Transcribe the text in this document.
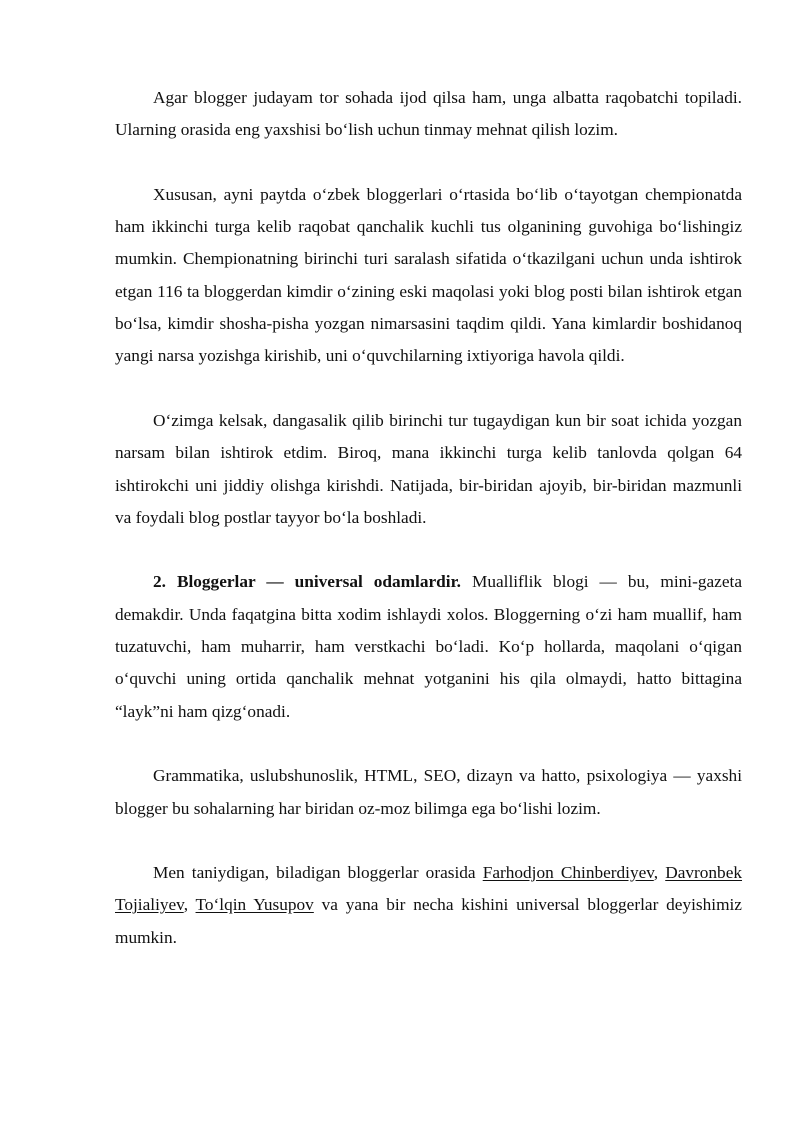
Agar blogger judayam tor sohada ijod qilsa ham, unga albatta raqobatchi topiladi. Ularning orasida eng yaxshisi bo‘lish uchun tinmay mehnat qilish lozim.

Xususan, ayni paytda o‘zbek bloggerlari o‘rtasida bo‘lib o‘tayotgan chempionatda ham ikkinchi turga kelib raqobat qanchalik kuchli tus olganining guvohiga bo‘lishingiz mumkin. Chempionatning birinchi turi saralash sifatida o‘tkazilgani uchun unda ishtirok etgan 116 ta bloggerdan kimdir o‘zining eski maqolasi yoki blog posti bilan ishtirok etgan bo‘lsa, kimdir shosha-pisha yozgan nimarsasini taqdim qildi. Yana kimlardir boshidanoq yangi narsa yozishga kirishib, uni o‘quvchilarning ixtiyoriga havola qildi.

O‘zimga kelsak, dangasalik qilib birinchi tur tugaydigan kun bir soat ichida yozgan narsam bilan ishtirok etdim. Biroq, mana ikkinchi turga kelib tanlovda qolgan 64 ishtirokchi uni jiddiy olishga kirishdi. Natijada, bir-biridan ajoyib, bir-biridan mazmunli va foydali blog postlar tayyor bo‘la boshladi.

2. Bloggerlar — universal odamlardir. Mualliflik blogi — bu, mini-gazeta demakdir. Unda faqatgina bitta xodim ishlaydi xolos. Bloggerning o‘zi ham muallif, ham tuzatuvchi, ham muharrir, ham verstkachi bo‘ladi. Ko‘p hollarda, maqolani o‘qigan o‘quvchi uning ortida qanchalik mehnat yotganini his qila olmaydi, hatto bittagina “layk”ni ham qizg‘onadi.

Grammatika, uslubshunoslik, HTML, SEO, dizayn va hatto, psixologiya — yaxshi blogger bu sohalarning har biridan oz-moz bilimga ega bo‘lishi lozim.

Men taniydigan, biladigan bloggerlar orasida Farhodjon Chinberdiyev, Davronbek Tojialiyev, To‘lqin Yusupov va yana bir necha kishini universal bloggerlar deyishimiz mumkin.
